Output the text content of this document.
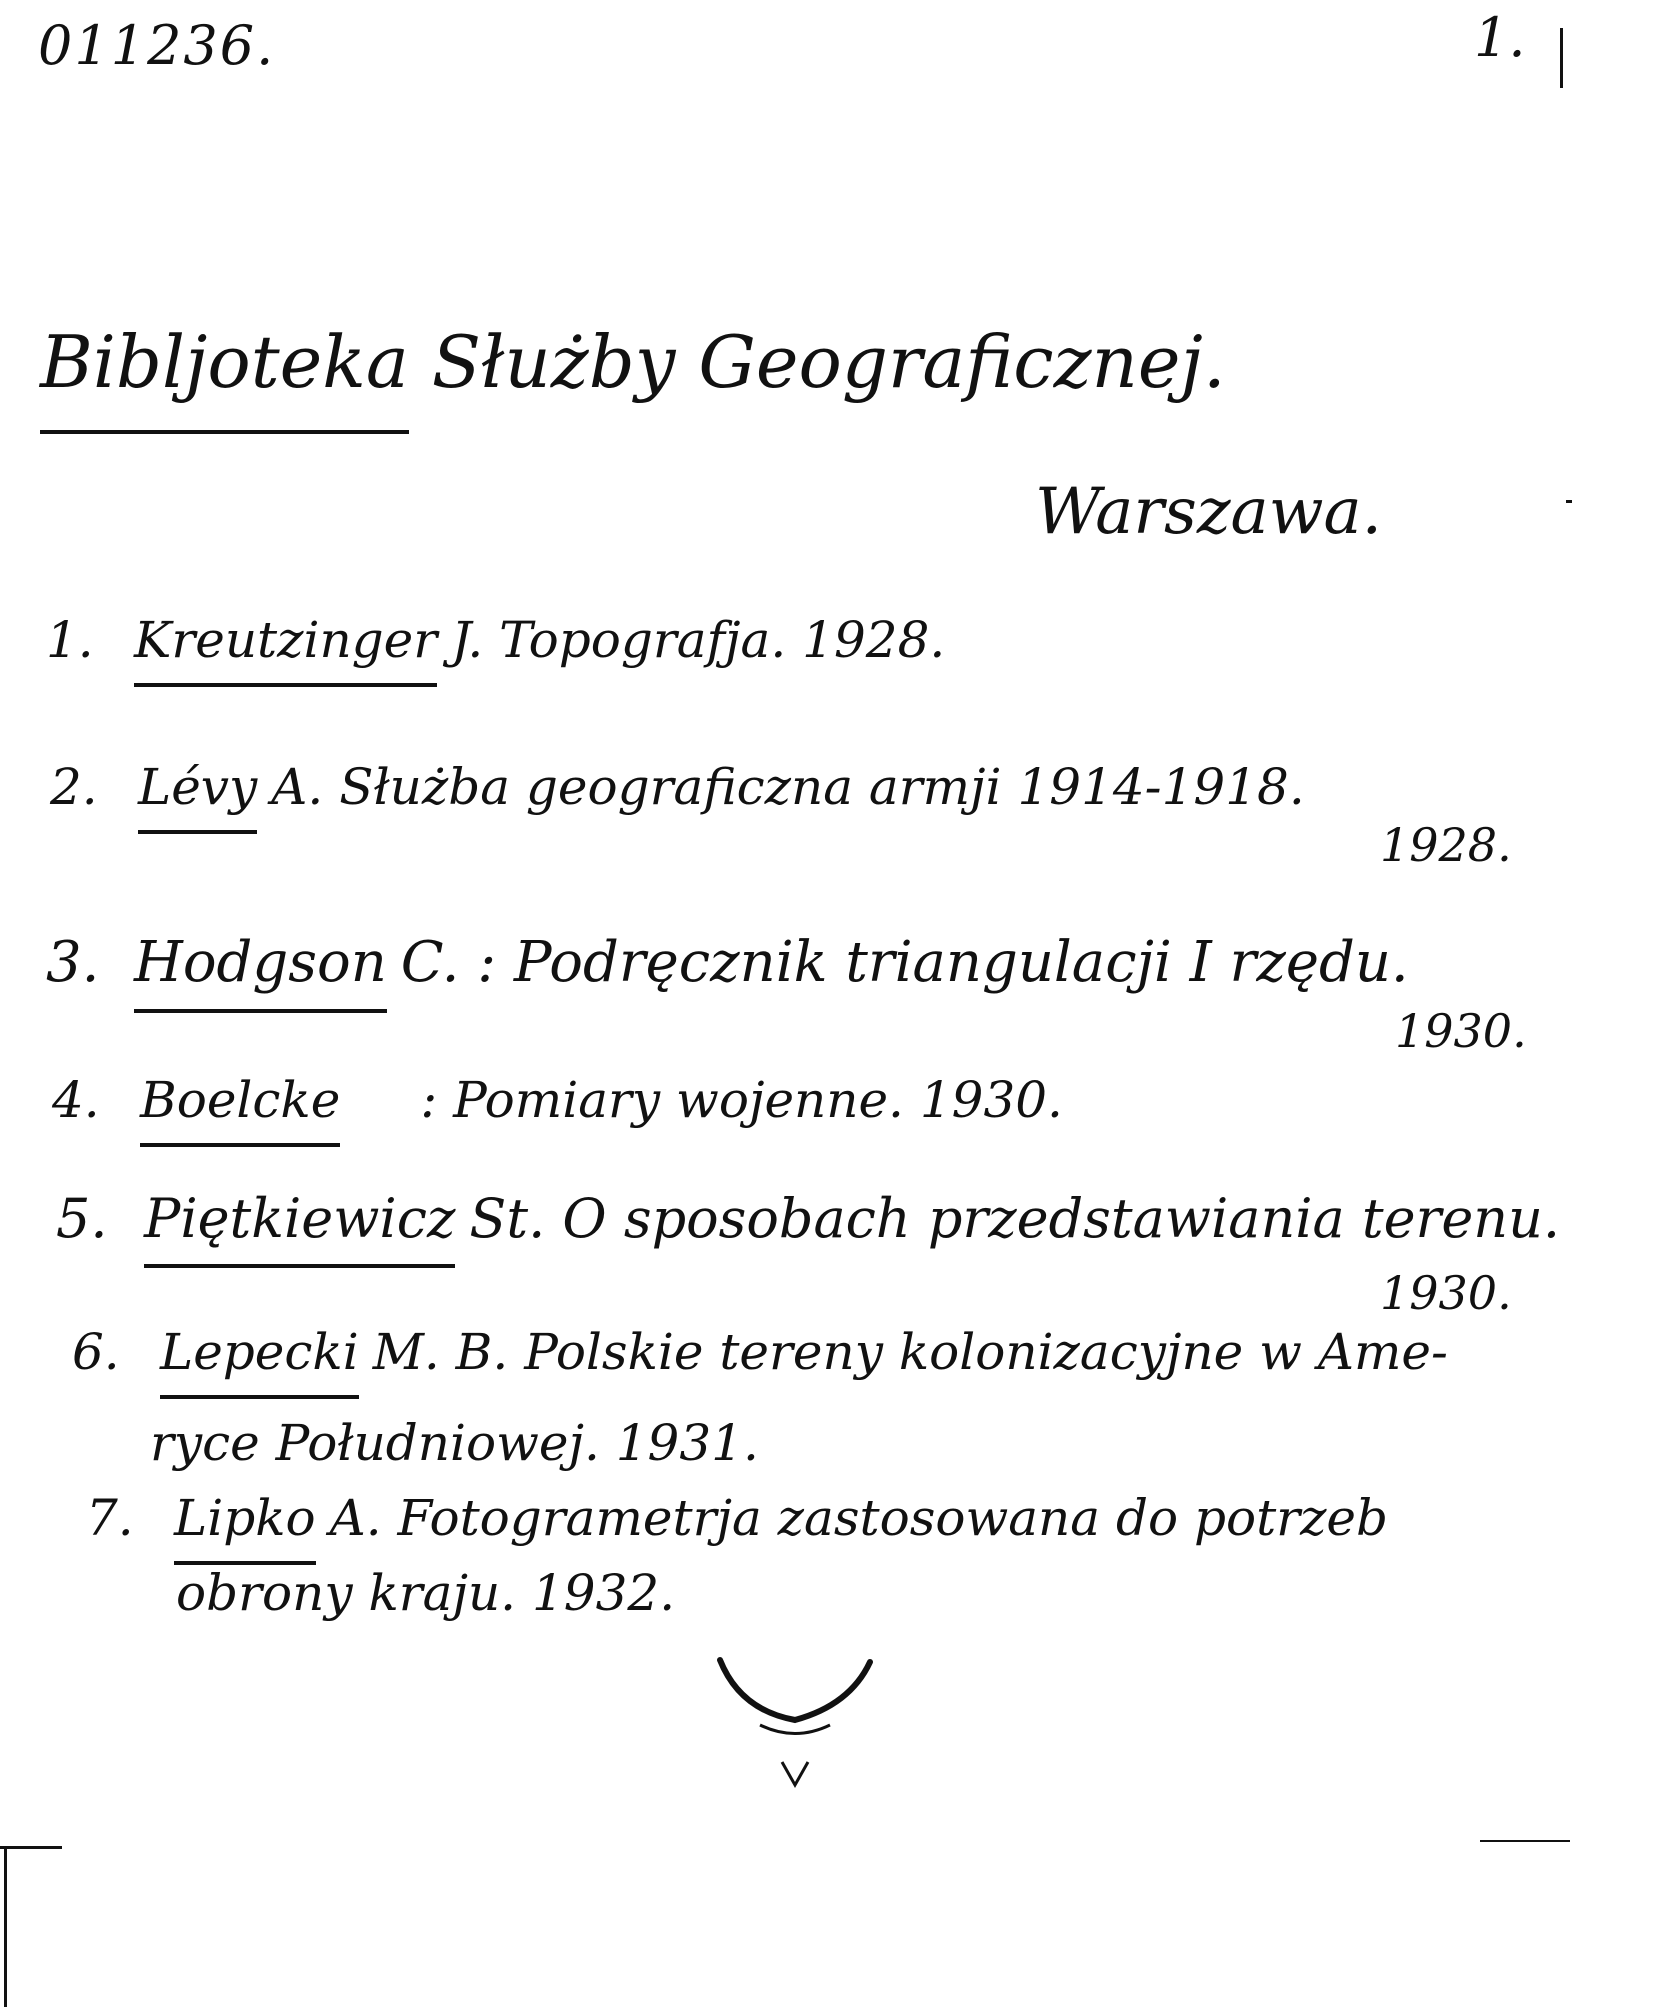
011236.	1.
Bibljoteka Służby Geograficznej.
Warszawa.
1. Kreutzinger J. Topografja. 1928.
2. Lévy A. Służba geograficzna armji 1914-1918.
1928.
3. Hodgson C. : Podręcznik triangulacji I rzędu.
1930.
4. Boelcke : Pomiary wojenne. 1930.
5. Piętkiewicz St. O sposobach przedstawiania terenu.
1930.
6. Lepecki M. B. Polskie tereny kolonizacyjne w Ame-
ryce Południowej. 1931.
7. Lipko A. Fotogrametrja zastosowana do potrzeb
obrony kraju. 1932.
